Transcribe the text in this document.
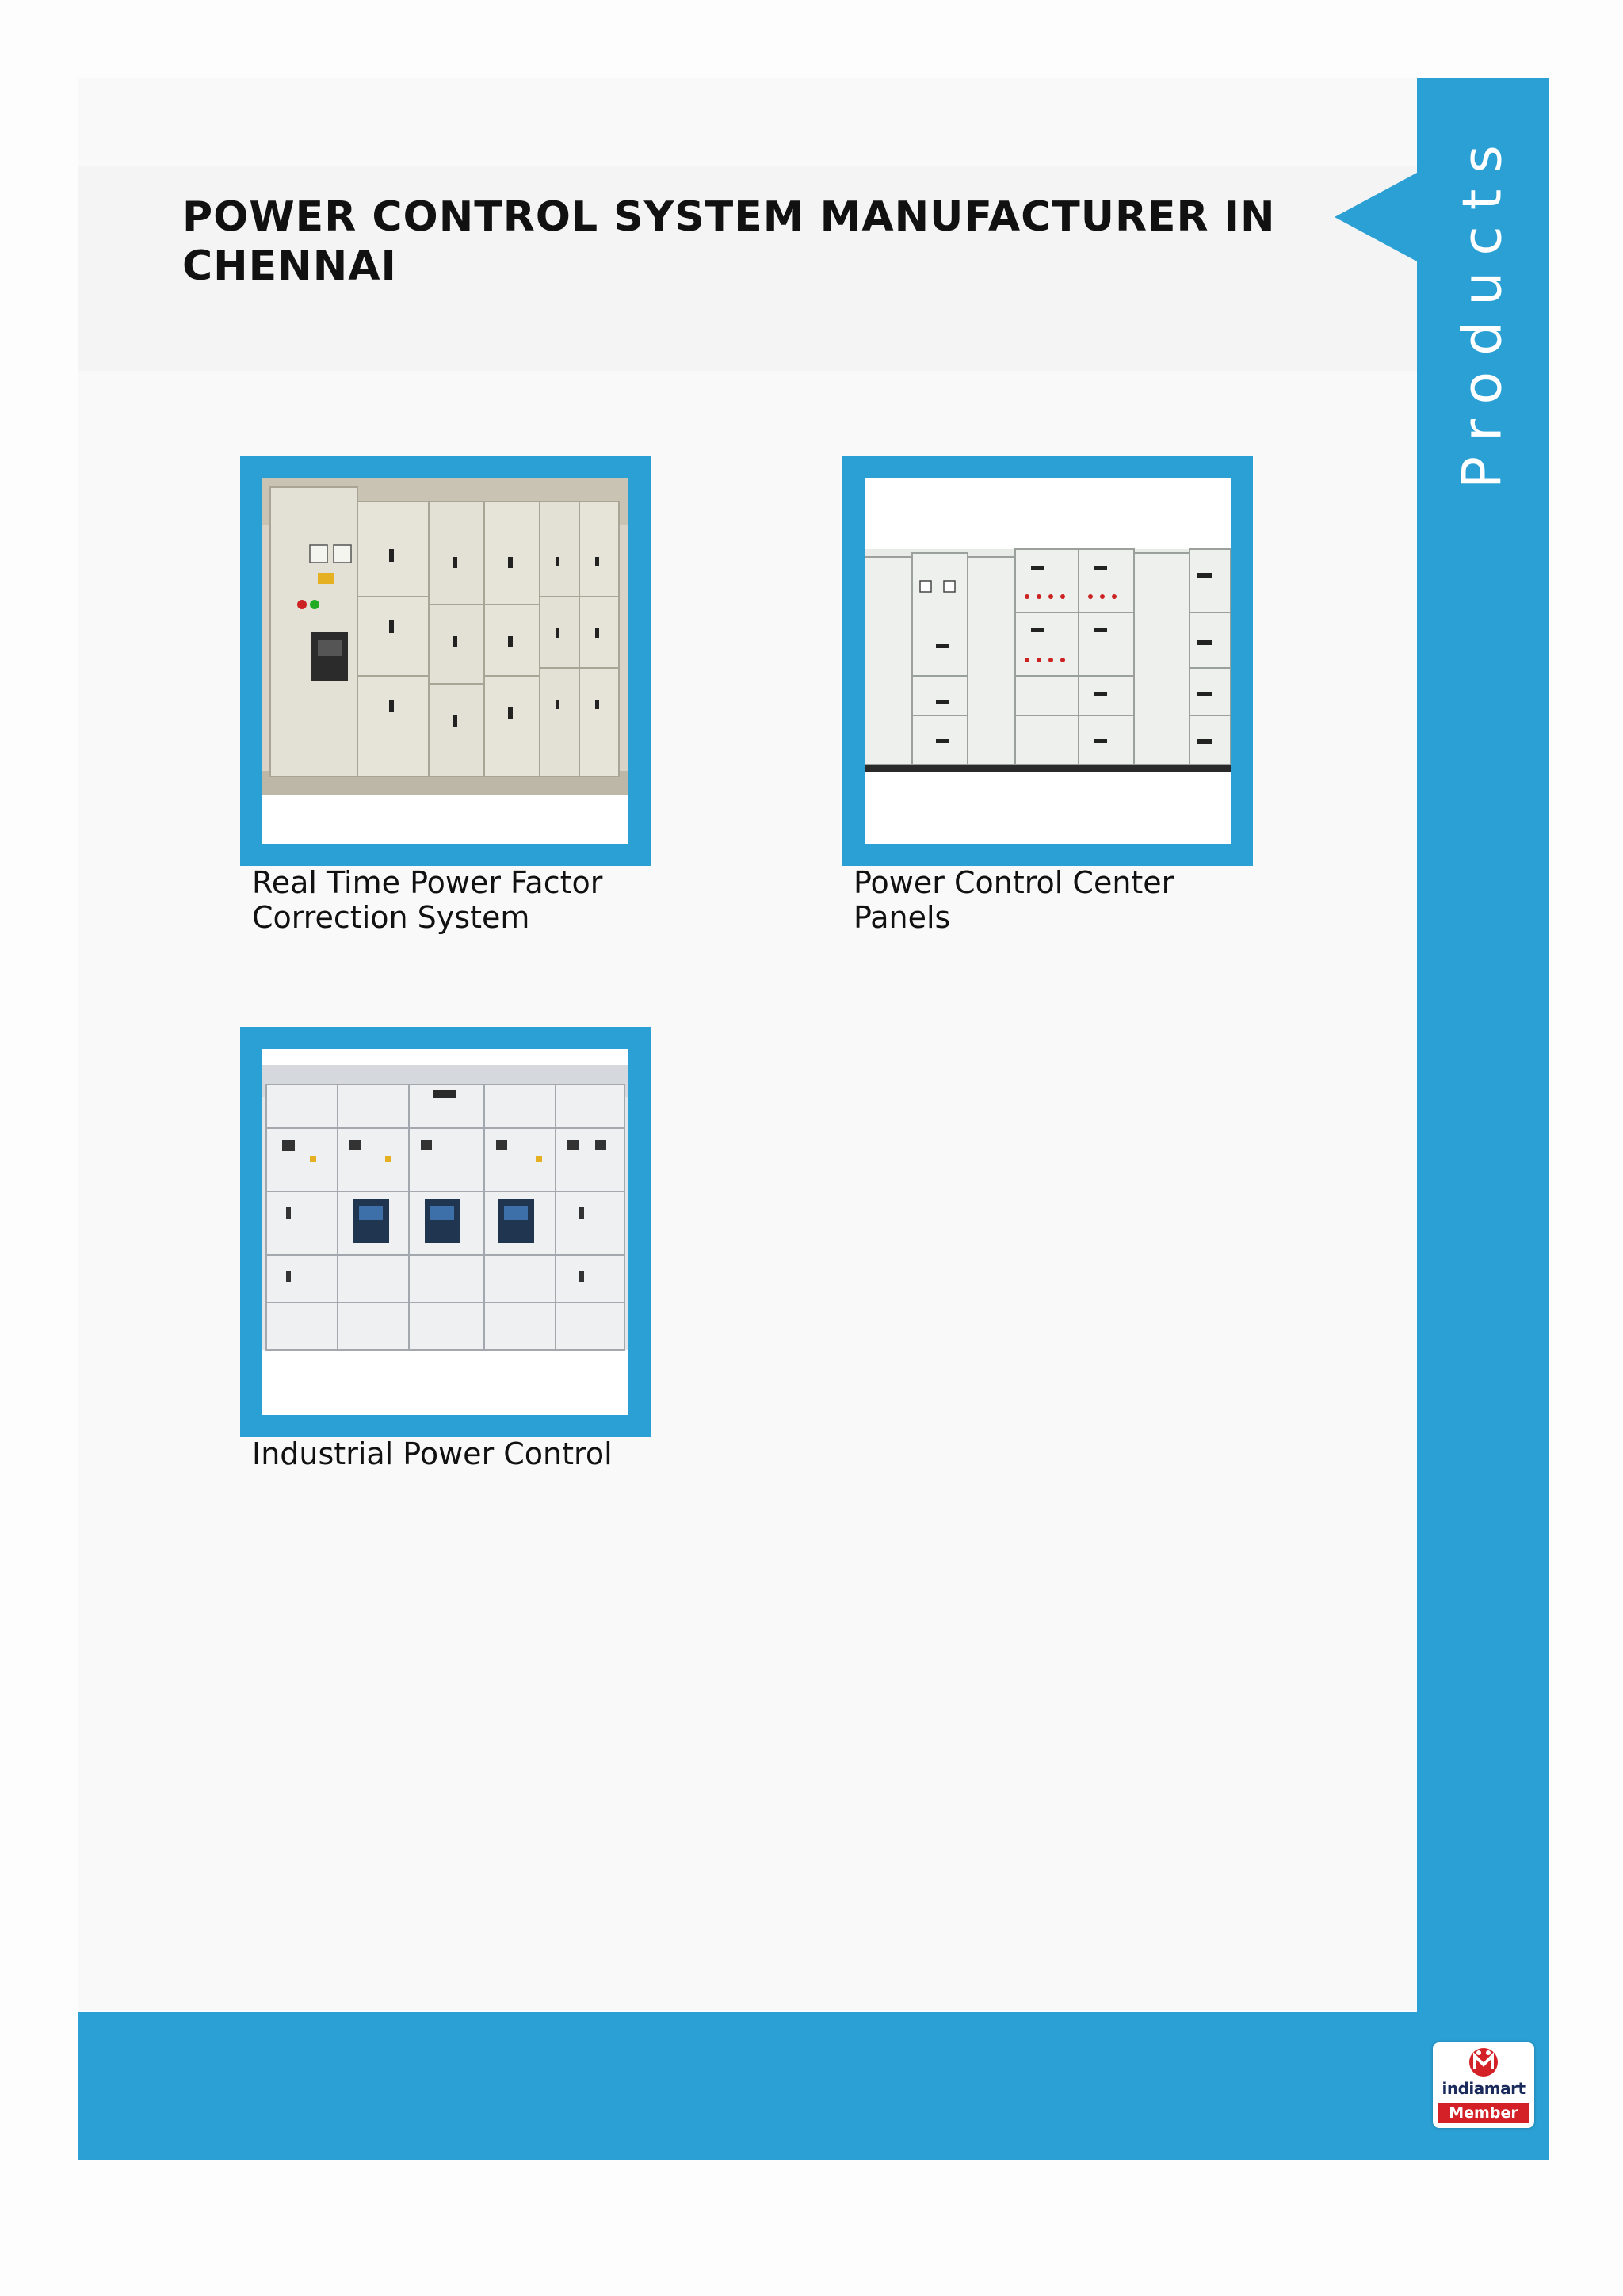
POWER CONTROL SYSTEM MANUFACTURER IN CHENNAI	Products
Real Time Power Factor Correction System
Power Control Center Panels
Industrial Power Control
indiamart
Member
